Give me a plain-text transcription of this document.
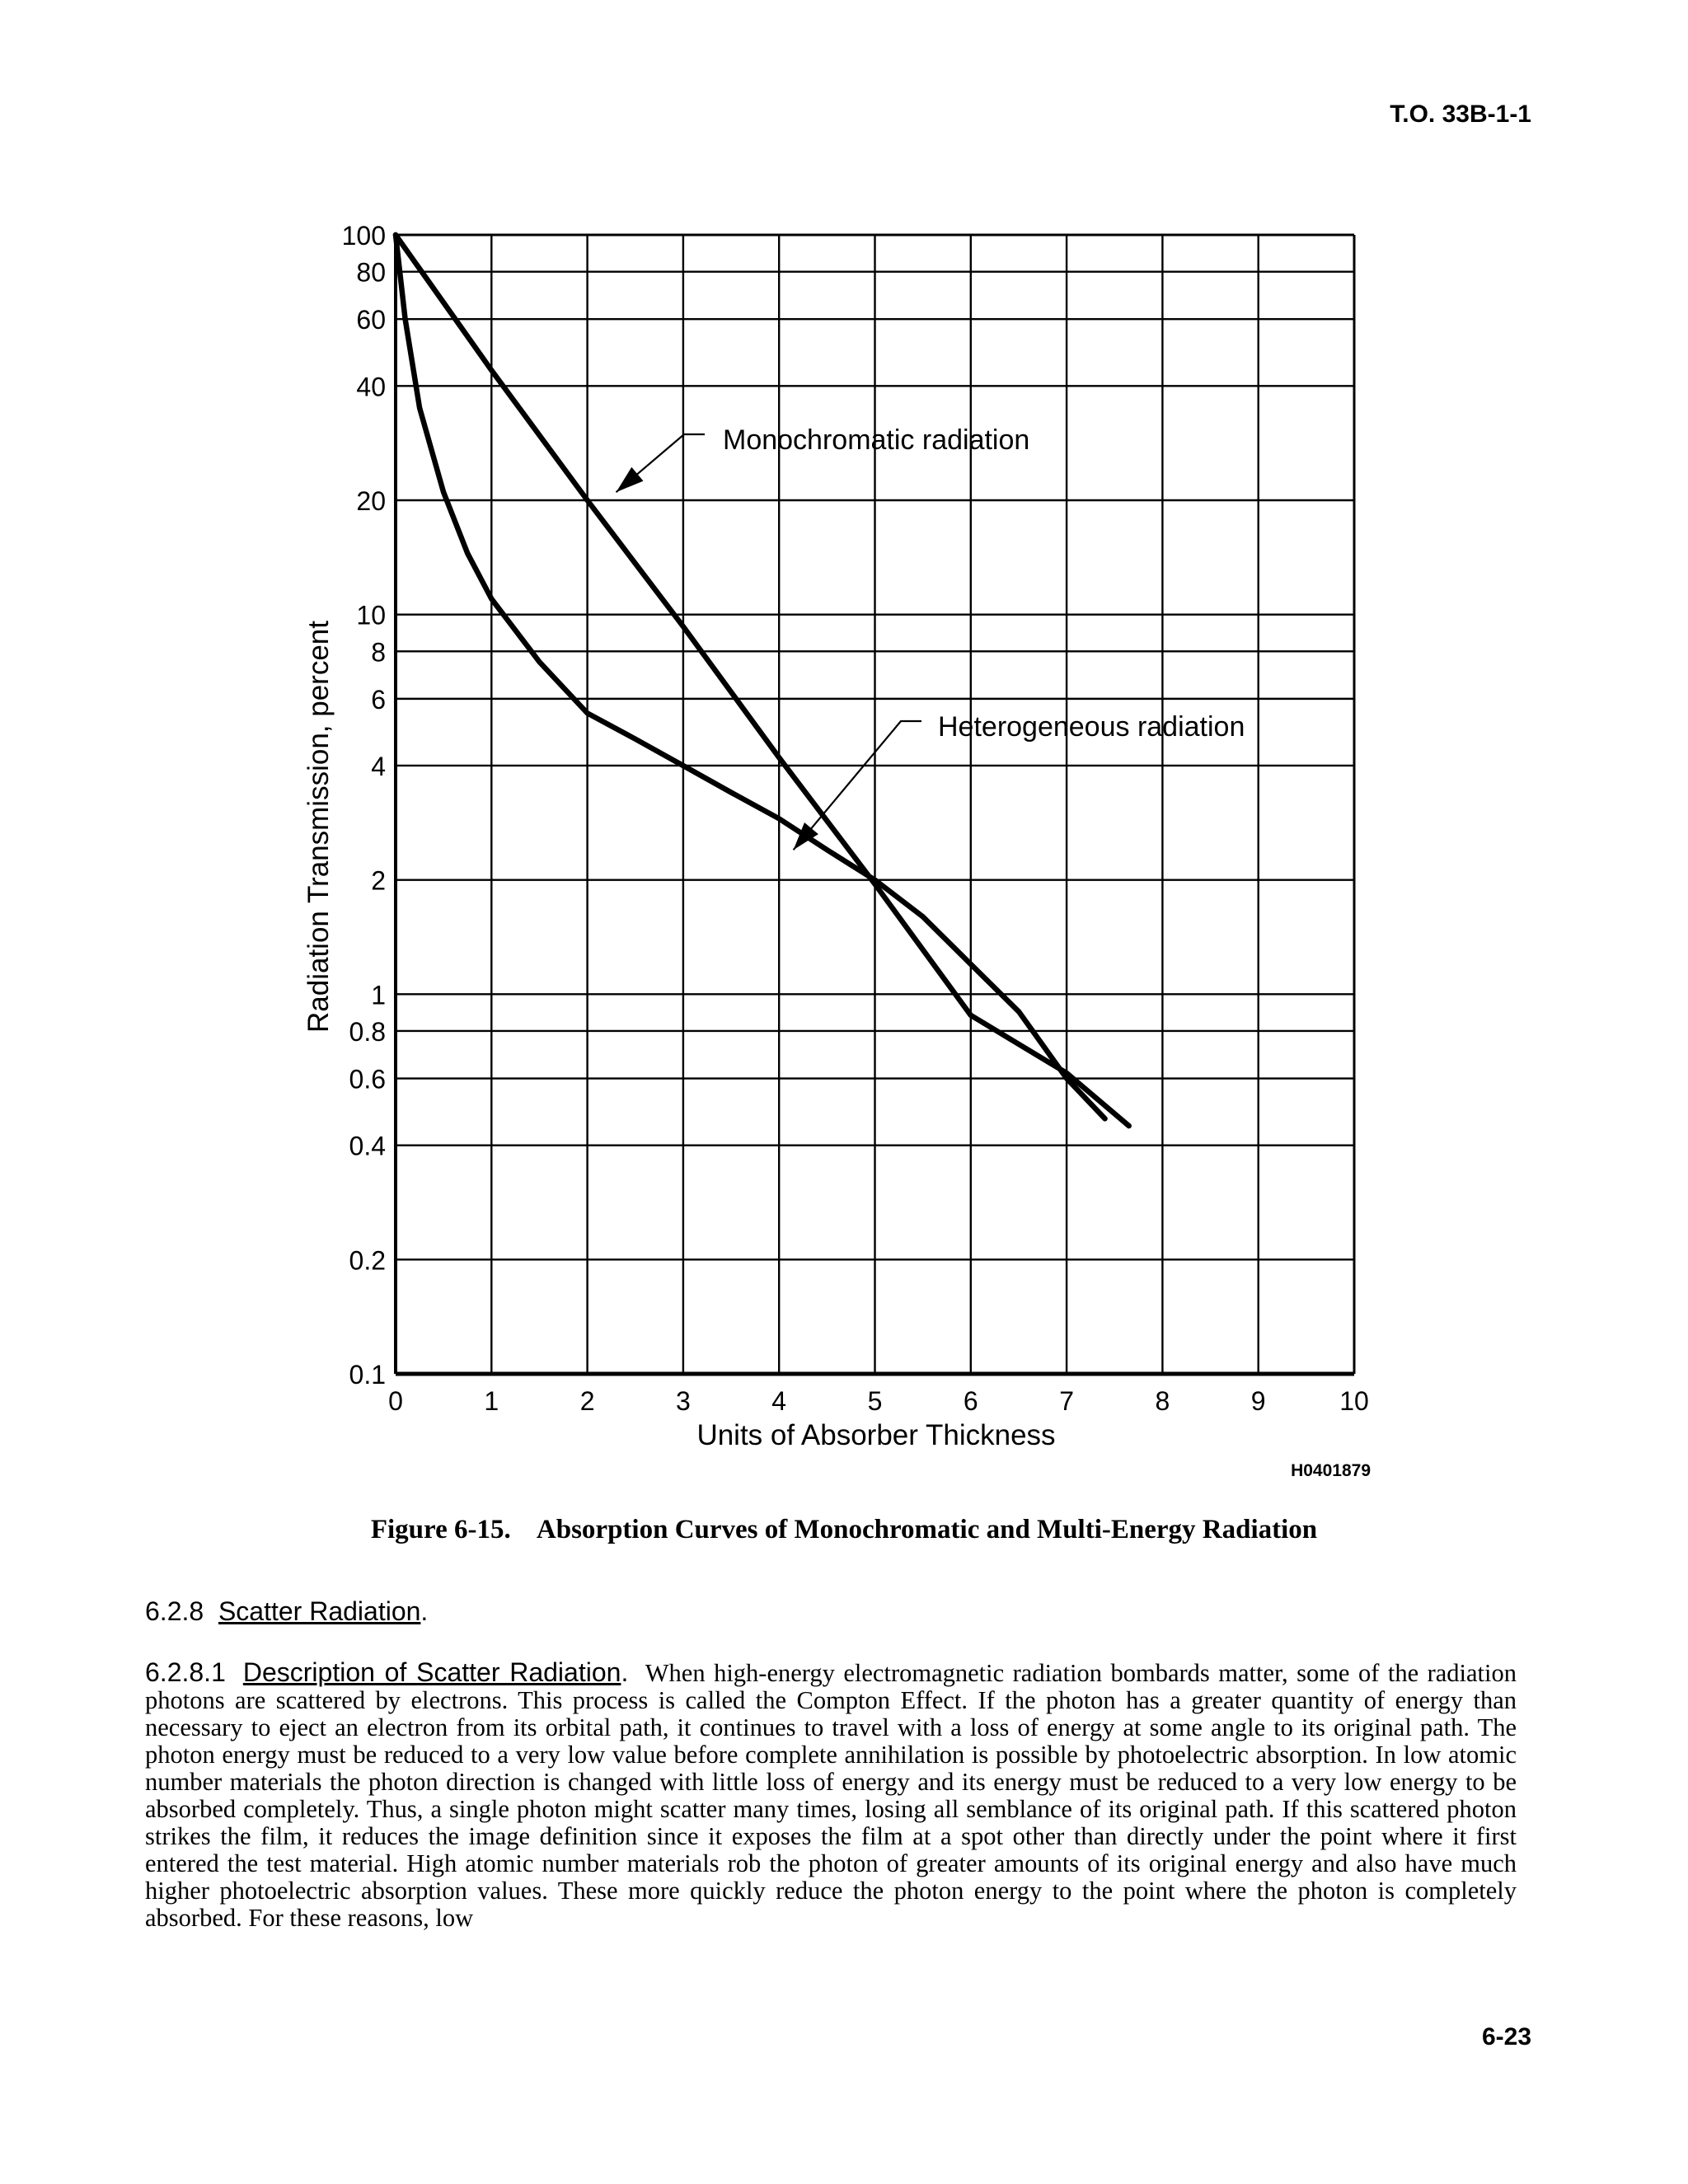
T.O. 33B-1-1

100
80
60
40
20
10
8
6
4
2
1
0.8
0.6
0.4
0.2
0.1
0	1	2	3	4	5	6	7	8	9	10
Monochromatic radiation
Heterogeneous radiation
Radiation Transmission, percent
Units of Absorber Thickness
H0401879

Figure 6-15.    Absorption Curves of Monochromatic and Multi-Energy Radiation

6.2.8 Scatter Radiation.

6.2.8.1 Description of Scatter Radiation. When high-energy electromagnetic radiation bombards matter, some of the radiation photons are scattered by electrons. This process is called the Compton Effect. If the photon has a greater quantity of energy than necessary to eject an electron from its orbital path, it continues to travel with a loss of energy at some angle to its original path. The photon energy must be reduced to a very low value before complete annihilation is possible by photoelectric absorption. In low atomic number materials the photon direction is changed with little loss of energy and its energy must be reduced to a very low energy to be absorbed completely. Thus, a single photon might scatter many times, losing all semblance of its original path. If this scattered photon strikes the film, it reduces the image definition since it exposes the film at a spot other than directly under the point where it first entered the test material. High atomic number materials rob the photon of greater amounts of its original energy and also have much higher photoelectric absorption values. These more quickly reduce the photon energy to the point where the photon is completely absorbed. For these reasons, low

6-23
